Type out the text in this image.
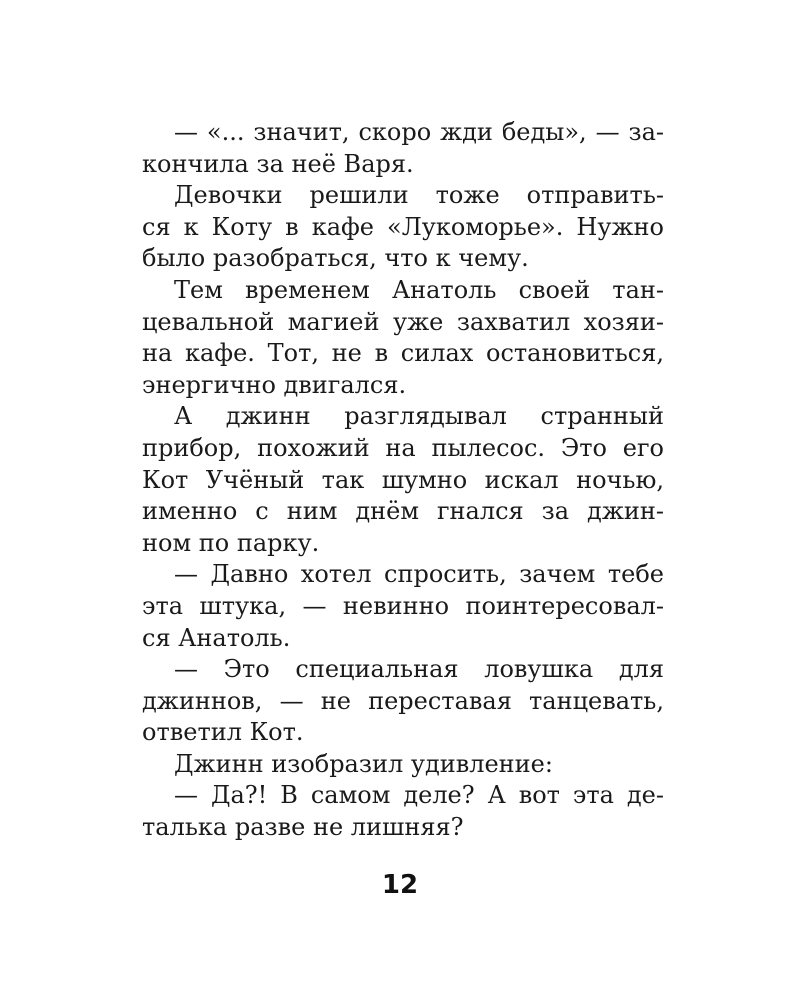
— «... значит, скоро жди беды», — за-
кончила за неё Варя.
Девочки решили тоже отправить-
ся к Коту в кафе «Лукоморье». Нужно
было разобраться, что к чему.
Тем временем Анатоль своей тан-
цевальной магией уже захватил хозяи-
на кафе. Тот, не в силах остановиться,
энергично двигался.
А джинн разглядывал странный
прибор, похожий на пылесос. Это его
Кот Учёный так шумно искал ночью,
именно с ним днём гнался за джин-
ном по парку.
— Давно хотел спросить, зачем тебе
эта штука, — невинно поинтересовал-
ся Анатоль.
— Это специальная ловушка для
джиннов, — не переставая танцевать,
ответил Кот.
Джинн изобразил удивление:
— Да?! В самом деле? А вот эта де-
талька разве не лишняя?
12
